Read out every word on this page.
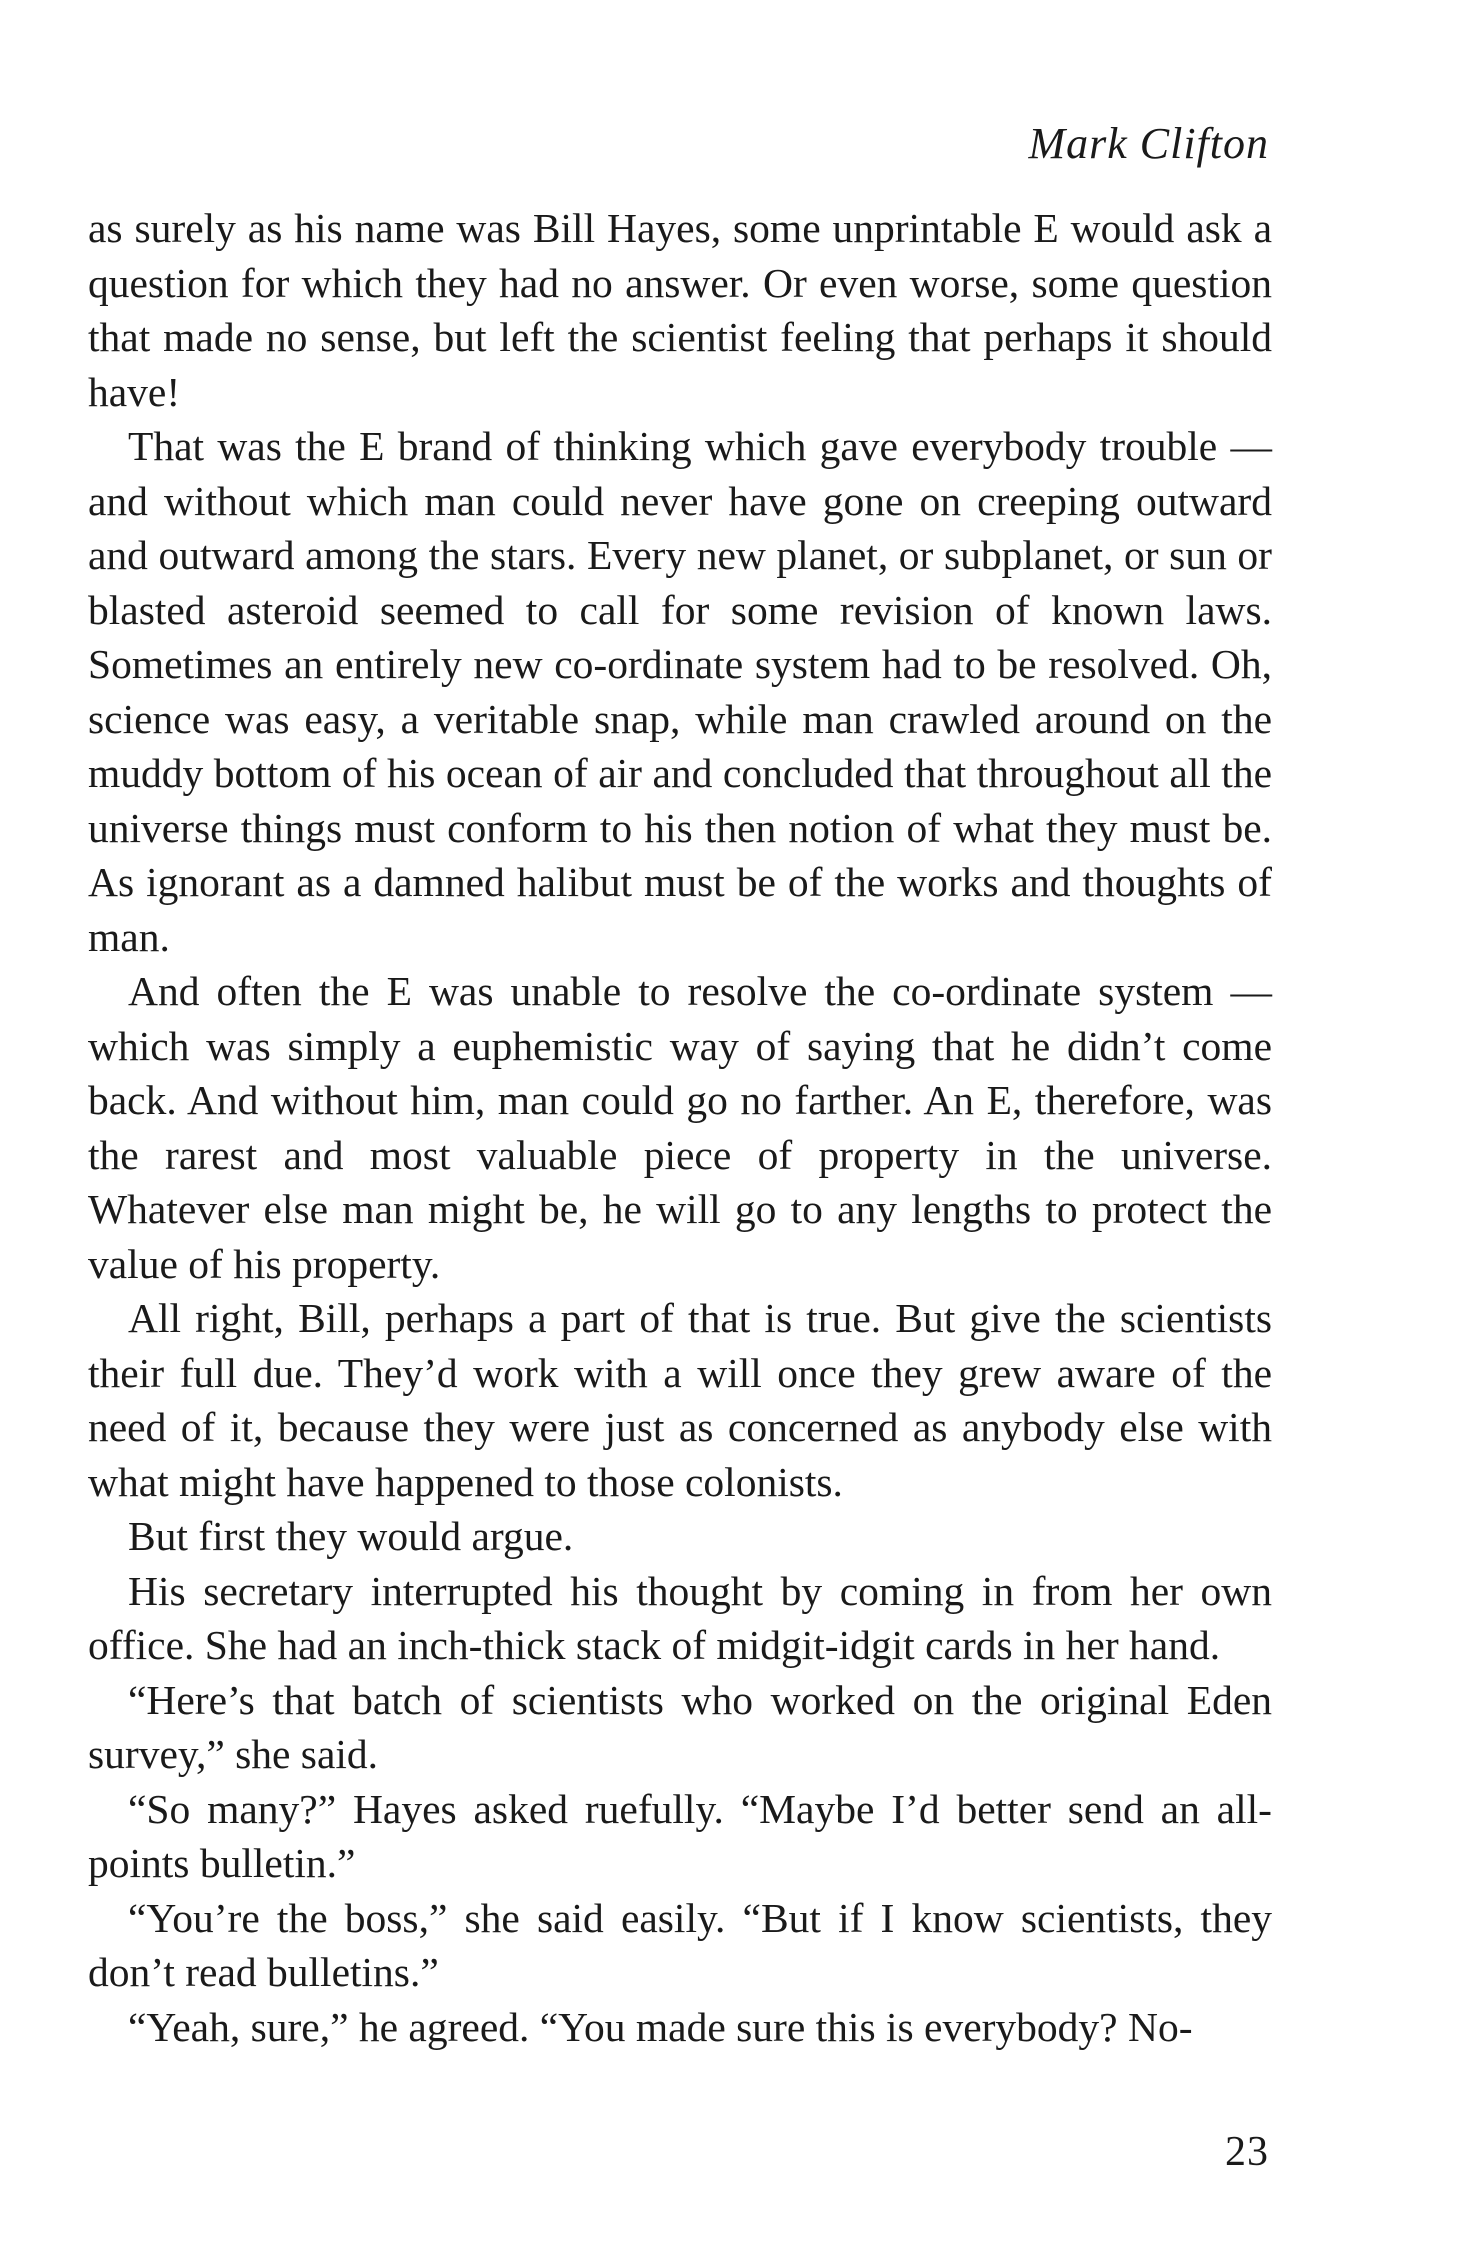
Mark Clifton

as surely as his name was Bill Hayes, some unprintable E would ask a question for which they had no answer. Or even worse, some question that made no sense, but left the scientist feeling that perhaps it should have!

That was the E brand of thinking which gave everybody trouble —and without which man could never have gone on creeping outward and outward among the stars. Every new planet, or subplanet, or sun or blasted asteroid seemed to call for some revision of known laws. Sometimes an entirely new co-ordinate system had to be resolved. Oh, science was easy, a veritable snap, while man crawled around on the muddy bottom of his ocean of air and concluded that throughout all the universe things must conform to his then notion of what they must be. As ignorant as a damned halibut must be of the works and thoughts of man.

And often the E was unable to resolve the co-ordinate system —which was simply a euphemistic way of saying that he didn’t come back. And without him, man could go no farther. An E, therefore, was the rarest and most valuable piece of property in the universe. Whatever else man might be, he will go to any lengths to protect the value of his property.

All right, Bill, perhaps a part of that is true. But give the scientists their full due. They’d work with a will once they grew aware of the need of it, because they were just as concerned as anybody else with what might have happened to those colonists.

But first they would argue.

His secretary interrupted his thought by coming in from her own office. She had an inch-thick stack of midgit-idgit cards in her hand.

“Here’s that batch of scientists who worked on the original Eden survey,” she said.

“So many?” Hayes asked ruefully. “Maybe I’d better send an all-points bulletin.”

“You’re the boss,” she said easily. “But if I know scientists, they don’t read bulletins.”

“Yeah, sure,” he agreed. “You made sure this is everybody? No-

23
